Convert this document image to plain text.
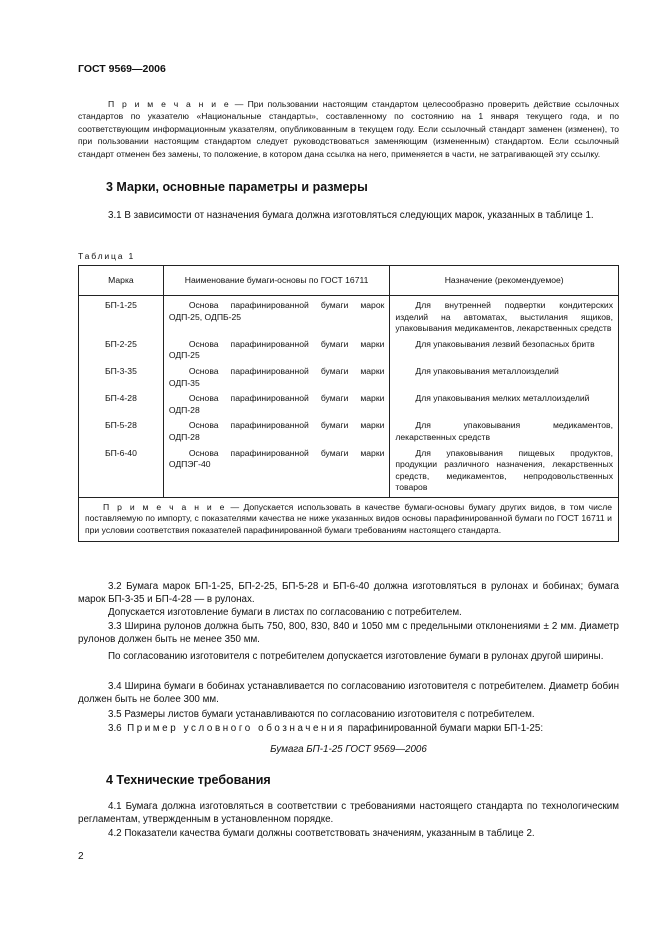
ГОСТ 9569—2006

П р и м е ч а н и е — При пользовании настоящим стандартом целесообразно проверить действие ссылочных стандартов по указателю «Национальные стандарты», составленному по состоянию на 1 января текущего года, и по соответствующим информационным указателям, опубликованным в текущем году. Если ссылочный стандарт заменен (изменен), то при пользовании настоящим стандартом следует руководствоваться заменяющим (измененным) стандартом. Если ссылочный стандарт отменен без замены, то положение, в котором дана ссылка на него, применяется в части, не затрагивающей эту ссылку.

3 Марки, основные параметры и размеры

3.1 В зависимости от назначения бумага должна изготовляться следующих марок, указанных в таблице 1.

Таблица 1
Марка	Наименование бумаги-основы по ГОСТ 16711	Назначение (рекомендуемое)
БП-1-25	Основа парафинированной бумаги марок ОДП-25, ОДПБ-25	Для внутренней подвертки кондитерских изделий на автоматах, выстилания ящиков, упаковывания медикаментов, лекарственных средств
БП-2-25	Основа парафинированной бумаги марки ОДП-25	Для упаковывания лезвий безопасных бритв
БП-3-35	Основа парафинированной бумаги марки ОДП-35	Для упаковывания металлоизделий
БП-4-28	Основа парафинированной бумаги марки ОДП-28	Для упаковывания мелких металлоизделий
БП-5-28	Основа парафинированной бумаги марки ОДП-28	Для упаковывания медикаментов, лекарственных средств
БП-6-40	Основа парафинированной бумаги марки ОДПЭГ-40	Для упаковывания пищевых продуктов, продукции различного назначения, лекарственных средств, медикаментов, непродовольственных товаров
П р и м е ч а н и е — Допускается использовать в качестве бумаги-основы бумагу других видов, в том числе поставляемую по импорту, с показателями качества не ниже указанных видов основы парафинированной бумаги по ГОСТ 16711 и при условии соответствия показателей парафинированной бумаги требованиям настоящего стандарта.		

3.2 Бумага марок БП-1-25, БП-2-25, БП-5-28 и БП-6-40 должна изготовляться в рулонах и бобинах; бумага марок БП-3-35 и БП-4-28 — в рулонах.

Допускается изготовление бумаги в листах по согласованию с потребителем.

3.3 Ширина рулонов должна быть 750, 800, 830, 840 и 1050 мм с предельными отклонениями ± 2 мм. Диаметр рулонов должен быть не менее 350 мм.

По согласованию изготовителя с потребителем допускается изготовление бумаги в рулонах другой ширины.

3.4 Ширина бумаги в бобинах устанавливается по согласованию изготовителя с потребителем. Диаметр бобин должен быть не более 300 мм.

3.5 Размеры листов бумаги устанавливаются по согласованию изготовителя с потребителем.

3.6 Пример условного обозначения парафинированной бумаги марки БП-1-25:

Бумага БП-1-25 ГОСТ 9569—2006
4 Технические требования

4.1 Бумага должна изготовляться в соответствии с требованиями настоящего стандарта по технологическим регламентам, утвержденным в установленном порядке.

4.2 Показатели качества бумаги должны соответствовать значениям, указанным в таблице 2.

2
